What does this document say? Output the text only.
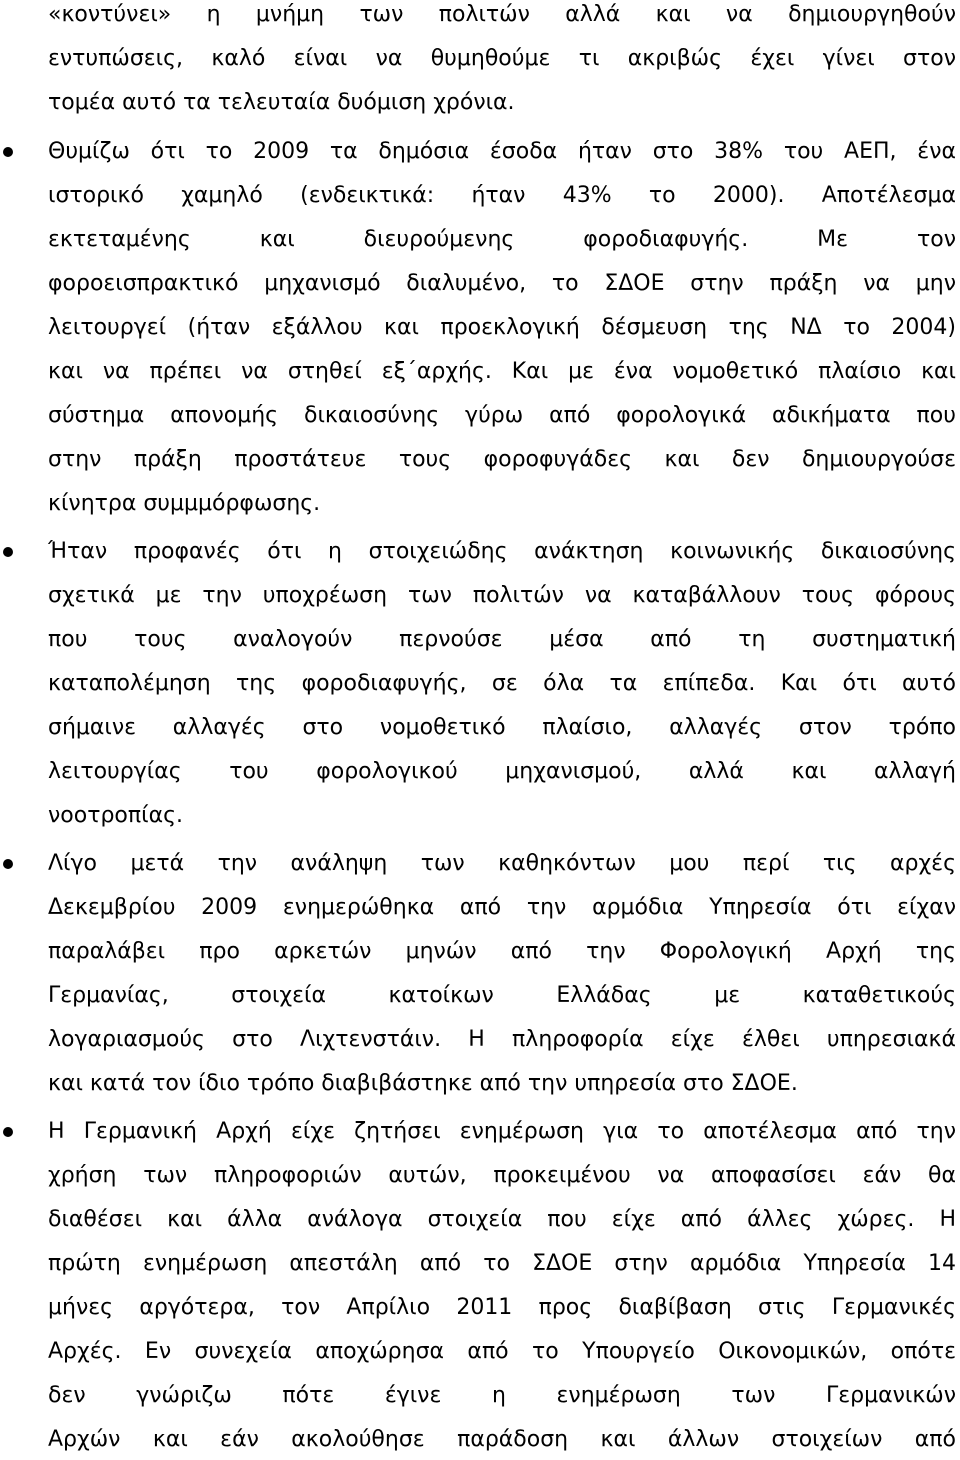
«κοντύνει» η μνήμη των πολιτών αλλά και να δημιουργηθούν
εντυπώσεις, καλό είναι να θυμηθούμε τι ακριβώς έχει γίνει στον
τομέα αυτό τα τελευταία δυόμιση χρόνια.
Θυμίζω ότι το 2009 τα δημόσια έσοδα ήταν στο 38% του ΑΕΠ, ένα
ιστορικό χαμηλό (ενδεικτικά: ήταν 43% το 2000). Αποτέλεσμα
εκτεταμένης και διευρούμενης φοροδιαφυγής. Με τον
φοροεισπρακτικό μηχανισμό διαλυμένο, το ΣΔΟΕ στην πράξη να μην
λειτουργεί (ήταν εξάλλου και προεκλογική δέσμευση της ΝΔ το 2004)
και να πρέπει να στηθεί εξ΄αρχής. Και με ένα νομοθετικό πλαίσιο και
σύστημα απονομής δικαιοσύνης γύρω από φορολογικά αδικήματα που
στην πράξη προστάτευε τους φοροφυγάδες και δεν δημιουργούσε
κίνητρα συμμμόρφωσης.
Ήταν προφανές ότι η στοιχειώδης ανάκτηση κοινωνικής δικαιοσύνης
σχετικά με την υποχρέωση των πολιτών να καταβάλλουν τους φόρους
που τους αναλογούν περνούσε μέσα από τη συστηματική
καταπολέμηση της φοροδιαφυγής, σε όλα τα επίπεδα. Και ότι αυτό
σήμαινε αλλαγές στο νομοθετικό πλαίσιο, αλλαγές στον τρόπο
λειτουργίας του φορολογικού μηχανισμού, αλλά και αλλαγή
νοοτροπίας.
Λίγο μετά την ανάληψη των καθηκόντων μου περί τις αρχές
Δεκεμβρίου 2009 ενημερώθηκα από την αρμόδια Υπηρεσία ότι είχαν
παραλάβει προ αρκετών μηνών από την Φορολογική Αρχή της
Γερμανίας, στοιχεία κατοίκων Ελλάδας με καταθετικούς
λογαριασμούς στο Λιχτενστάιν. Η πληροφορία είχε έλθει υπηρεσιακά
και κατά τον ίδιο τρόπο διαβιβάστηκε από την υπηρεσία στο ΣΔΟΕ.
Η Γερμανική Αρχή είχε ζητήσει ενημέρωση για το αποτέλεσμα από την
χρήση των πληροφοριών αυτών, προκειμένου να αποφασίσει εάν θα
διαθέσει και άλλα ανάλογα στοιχεία που είχε από άλλες χώρες. Η
πρώτη ενημέρωση απεστάλη από το ΣΔΟΕ στην αρμόδια Υπηρεσία 14
μήνες αργότερα, τον Απρίλιο 2011 προς διαβίβαση στις Γερμανικές
Αρχές. Εν συνεχεία αποχώρησα από το Υπουργείο Οικονομικών, οπότε
δεν γνώριζω πότε έγινε η ενημέρωση των Γερμανικών
Αρχών και εάν ακολούθησε παράδοση και άλλων στοιχείων από
